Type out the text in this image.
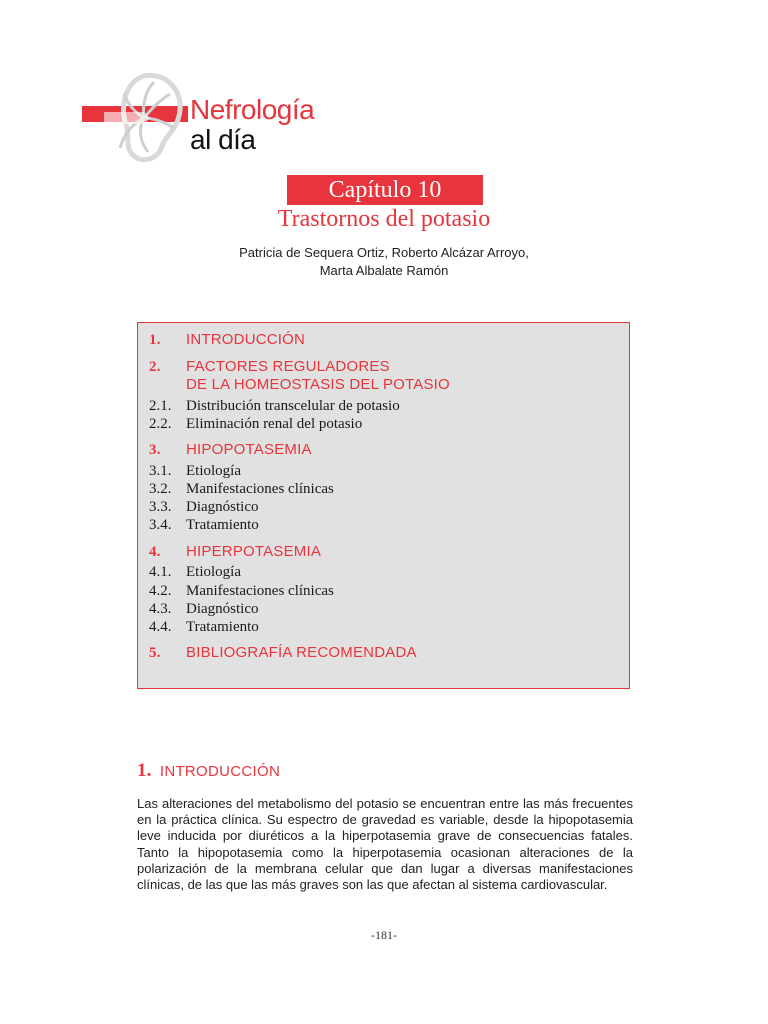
Nefrología
al día
Capítulo 10
Trastornos del potasio
Patricia de Sequera Ortiz, Roberto Alcázar Arroyo,
Marta Albalate Ramón
1.	INTRODUCCIÓN
2.	FACTORES REGULADORES
DE LA HOMEOSTASIS DEL POTASIO
2.1. Distribución transcelular de potasio
2.2. Eliminación renal del potasio
3.	HIPOPOTASEMIA
3.1. Etiología
3.2. Manifestaciones clínicas
3.3. Diagnóstico
3.4. Tratamiento
4.	HIPERPOTASEMIA
4.1. Etiología
4.2. Manifestaciones clínicas
4.3. Diagnóstico
4.4. Tratamiento
5.	BIBLIOGRAFÍA RECOMENDADA
1. INTRODUCCIÓN
Las alteraciones del metabolismo del potasio se encuentran entre las más frecuentes en la práctica clínica. Su espectro de gravedad es variable, desde la hipopotasemia leve inducida por diuréticos a la hiperpotasemia grave de consecuencias fatales. Tanto la hipopotasemia como la hiperpotasemia ocasionan alteraciones de la polarización de la membrana celular que dan lugar a diversas manifestaciones clínicas, de las que las más graves son las que afectan al sistema cardiovascular.
-181-
